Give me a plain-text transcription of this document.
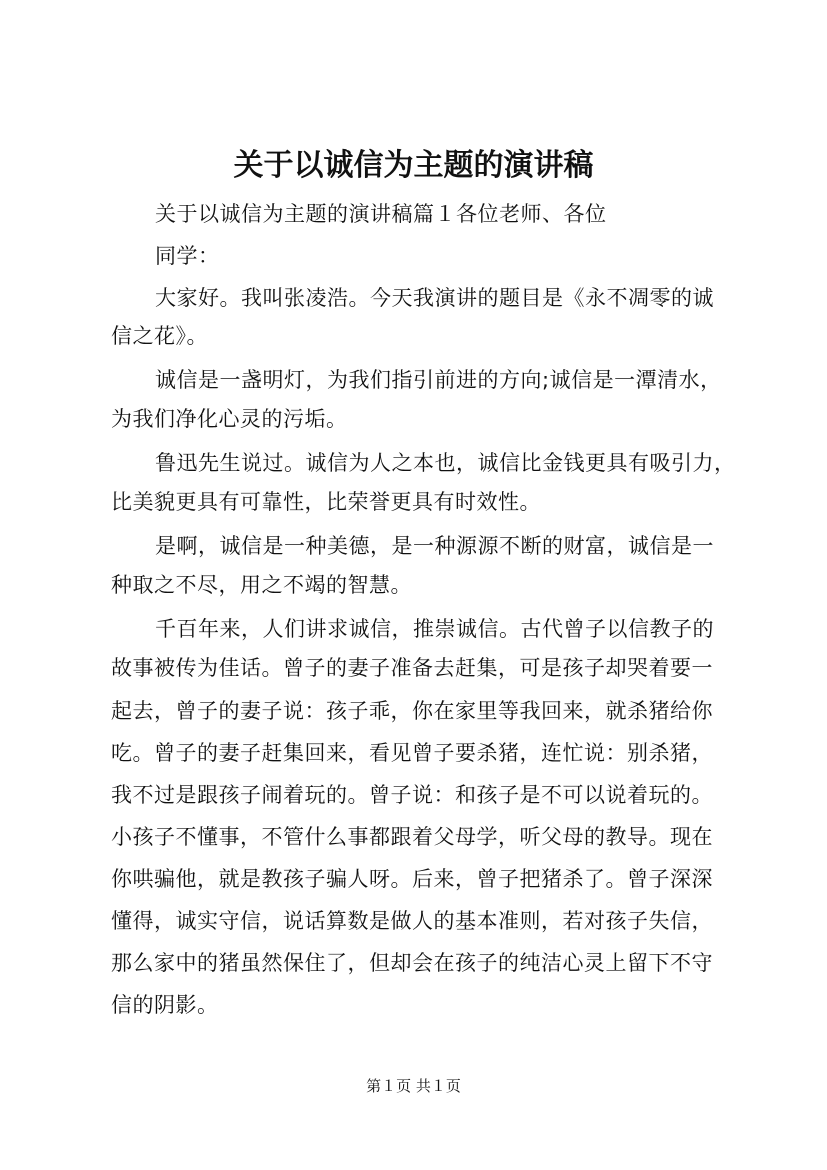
关于以诚信为主题的演讲稿
关于以诚信为主题的演讲稿篇１各位老师、各位
同学：
大家好。我叫张凌浩。今天我演讲的题目是《永不凋零的诚
信之花》。
诚信是一盏明灯，为我们指引前进的方向;诚信是一潭清水，
为我们净化心灵的污垢。
鲁迅先生说过。诚信为人之本也，诚信比金钱更具有吸引力，
比美貌更具有可靠性，比荣誉更具有时效性。
是啊，诚信是一种美德，是一种源源不断的财富，诚信是一
种取之不尽，用之不竭的智慧。
千百年来，人们讲求诚信，推崇诚信。古代曾子以信教子的
故事被传为佳话。曾子的妻子准备去赶集，可是孩子却哭着要一
起去，曾子的妻子说：孩子乖，你在家里等我回来，就杀猪给你
吃。曾子的妻子赶集回来，看见曾子要杀猪，连忙说：别杀猪，
我不过是跟孩子闹着玩的。曾子说：和孩子是不可以说着玩的。
小孩子不懂事，不管什么事都跟着父母学，听父母的教导。现在
你哄骗他，就是教孩子骗人呀。后来，曾子把猪杀了。曾子深深
懂得，诚实守信，说话算数是做人的基本准则，若对孩子失信，
那么家中的猪虽然保住了，但却会在孩子的纯洁心灵上留下不守
信的阴影。
第１页 共１页
